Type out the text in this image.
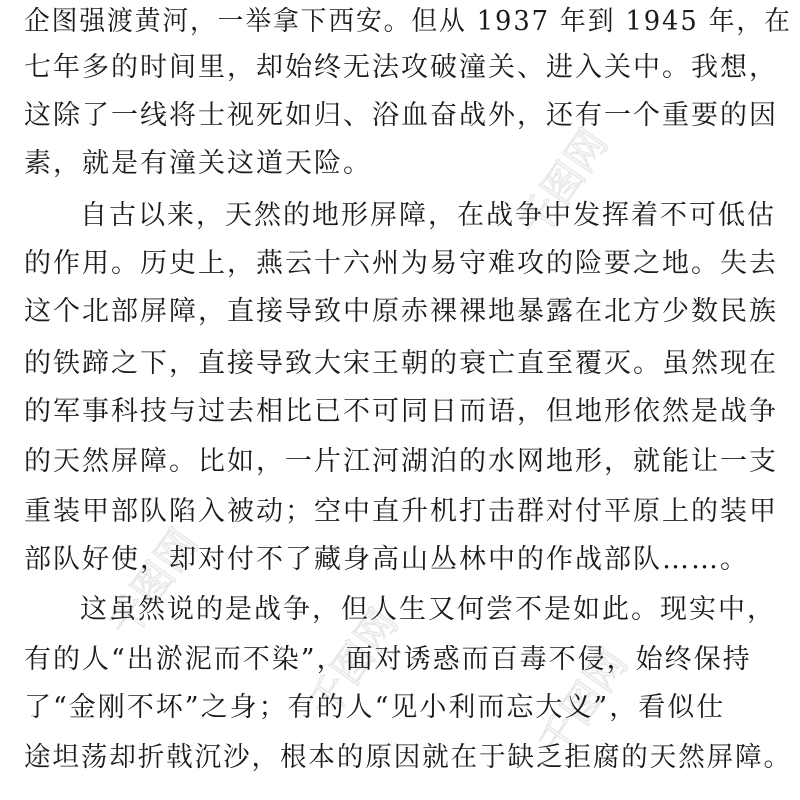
千图网
千图网	千图网
千图网
企图强渡黄河，一举拿下西安。但从 1937 年到 1945 年，在
七年多的时间里，却始终无法攻破潼关、进入关中。我想，
这除了一线将士视死如归、浴血奋战外，还有一个重要的因
素，就是有潼关这道天险。
自古以来，天然的地形屏障，在战争中发挥着不可低估
的作用。历史上，燕云十六州为易守难攻的险要之地。失去
这个北部屏障，直接导致中原赤裸裸地暴露在北方少数民族
的铁蹄之下，直接导致大宋王朝的衰亡直至覆灭。虽然现在
的军事科技与过去相比已不可同日而语，但地形依然是战争
的天然屏障。比如，一片江河湖泊的水网地形，就能让一支
重装甲部队陷入被动；空中直升机打击群对付平原上的装甲
部队好使，却对付不了藏身高山丛林中的作战部队……。
这虽然说的是战争，但人生又何尝不是如此。现实中，
有的人“出淤泥而不染”，面对诱惑而百毒不侵，始终保持
了“金刚不坏”之身；有的人“见小利而忘大义”，看似仕
途坦荡却折戟沉沙，根本的原因就在于缺乏拒腐的天然屏障。
